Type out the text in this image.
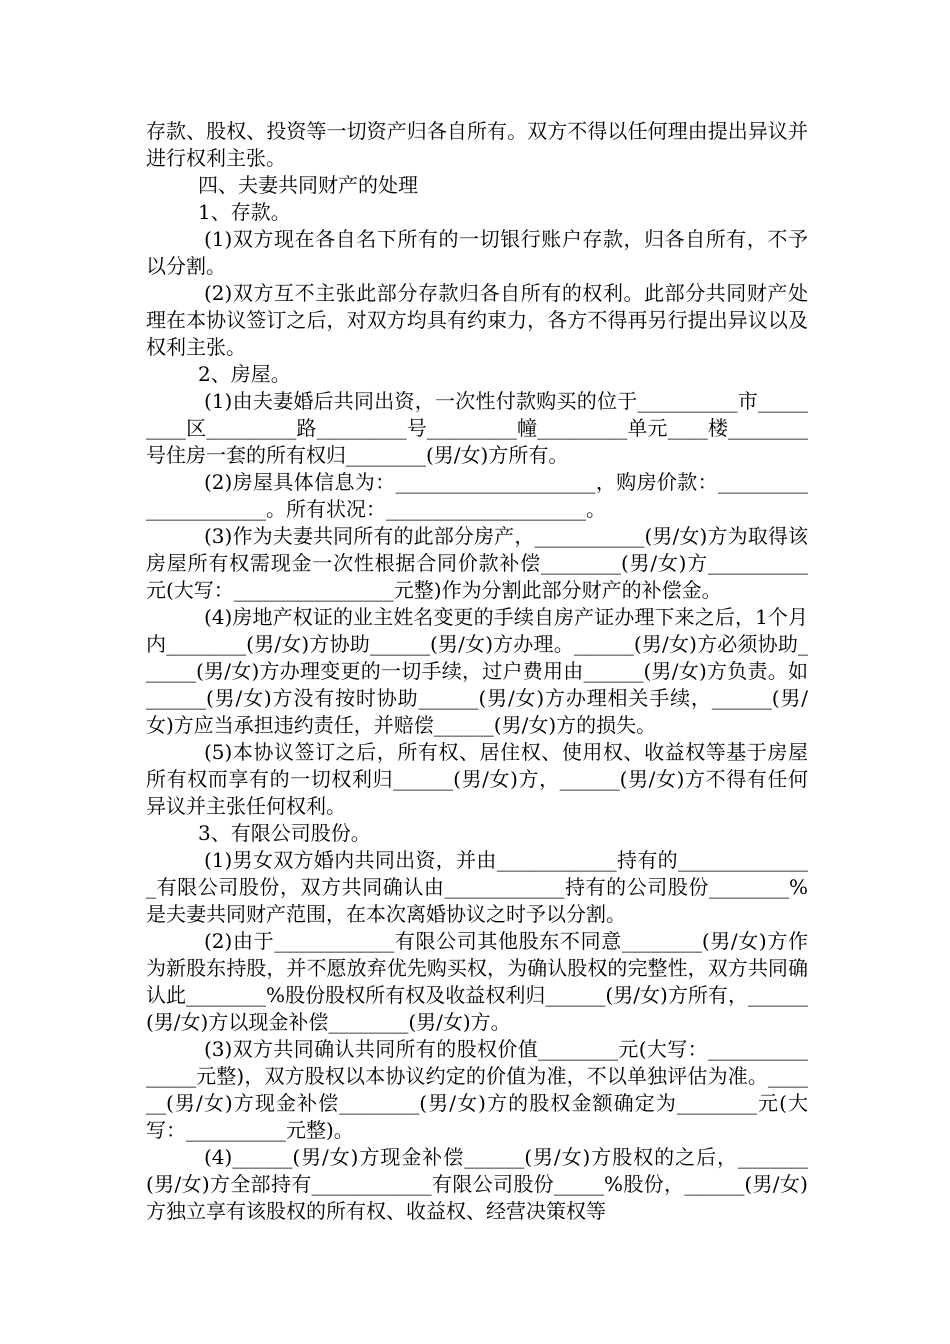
存款、股权、投资等一切资产归各自所有。双方不得以任何理由提出异议并进行权利主张。

四、夫妻共同财产的处理

1、存款。

(1)双方现在各自名下所有的一切银行账户存款，归各自所有，不予以分割。

(2)双方互不主张此部分存款归各自所有的权利。此部分共同财产处理在本协议签订之后，对双方均具有约束力，各方不得再另行提出异议以及权利主张。

2、房屋。

(1)由夫妻婚后共同出资，一次性付款购买的位于__________市_________区_________路_________号_________幢_________单元____楼________号住房一套的所有权归________(男/女)方所有。

(2)房屋具体信息为：____________________，购房价款：_____________________。所有状况：____________________。

(3)作为夫妻共同所有的此部分房产，___________(男/女)方为取得该房屋所有权需现金一次性根据合同价款补偿________(男/女)方__________元(大写：________________元整)作为分割此部分财产的补偿金。

(4)房地产权证的业主姓名变更的手续自房产证办理下来之后，1个月内________(男/女)方协助______(男/女)方办理。______(男/女)方必须协助______(男/女)方办理变更的一切手续，过户费用由______(男/女)方负责。如______(男/女)方没有按时协助______(男/女)方办理相关手续，______(男/女)方应当承担违约责任，并赔偿______(男/女)方的损失。

(5)本协议签订之后，所有权、居住权、使用权、收益权等基于房屋所有权而享有的一切权利归______(男/女)方，______(男/女)方不得有任何异议并主张任何权利。

3、有限公司股份。

(1)男女双方婚内共同出资，并由____________持有的______________有限公司股份，双方共同确认由____________持有的公司股份________%是夫妻共同财产范围，在本次离婚协议之时予以分割。

(2)由于____________有限公司其他股东不同意________(男/女)方作为新股东持股，并不愿放弃优先购买权，为确认股权的完整性，双方共同确认此________%股份股权所有权及收益权利归______(男/女)方所有，______(男/女)方以现金补偿________(男/女)方。

(3)双方共同确认共同所有的股权价值________元(大写：_______________元整)，双方股权以本协议约定的价值为准，不以单独评估为准。______(男/女)方现金补偿________(男/女)方的股权金额确定为________元(大写：__________元整)。

(4)______(男/女)方现金补偿______(男/女)方股权的之后，_______(男/女)方全部持有____________有限公司股份_____%股份，______(男/女)方独立享有该股权的所有权、收益权、经营决策权等
